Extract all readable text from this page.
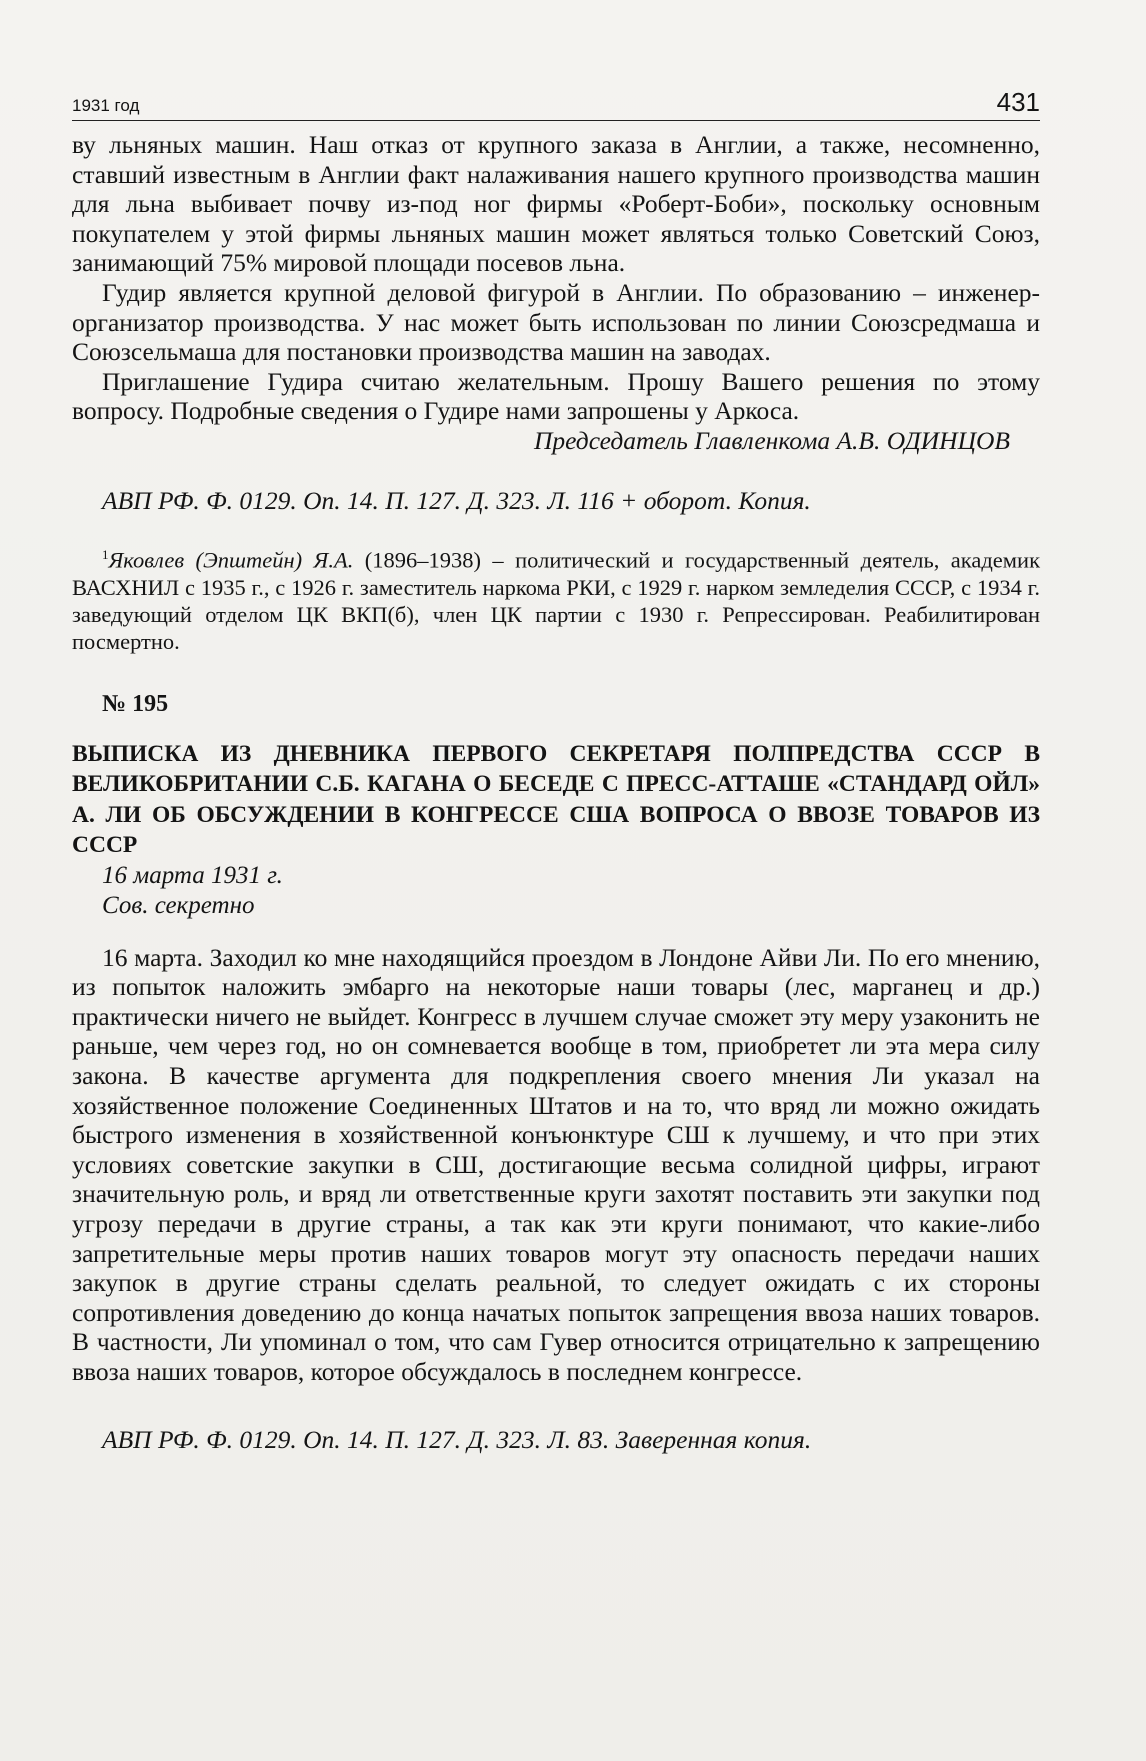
1931 год	431

ву льняных машин. Наш отказ от крупного заказа в Англии, а также, несомненно, ставший известным в Англии факт налаживания нашего крупного производства машин для льна выбивает почву из-под ног фирмы «Роберт-Боби», поскольку основным покупателем у этой фирмы льняных машин может являться только Советский Союз, занимающий 75% мировой площади посевов льна.

Гудир является крупной деловой фигурой в Англии. По образованию – инженер-организатор производства. У нас может быть использован по линии Союзсредмаша и Союзсельмаша для постановки производства машин на заводах.

Приглашение Гудира считаю желательным. Прошу Вашего решения по этому вопросу. Подробные сведения о Гудире нами запрошены у Аркоса.

Председатель Главленкома А.В. ОДИНЦОВ

АВП РФ. Ф. 0129. Оп. 14. П. 127. Д. 323. Л. 116 + оборот. Копия.

$^1$Яковлев (Эпштейн) Я.А. (1896–1938) – политический и государственный деятель, академик ВАСХНИЛ с 1935 г., с 1926 г. заместитель наркома РКИ, с 1929 г. нарком земледелия СССР, с 1934 г. заведующий отделом ЦК ВКП(б), член ЦК партии с 1930 г. Репрессирован. Реабилитирован посмертно.

№ 195

ВЫПИСКА ИЗ ДНЕВНИКА ПЕРВОГО СЕКРЕТАРЯ ПОЛПРЕДСТВА СССР В ВЕЛИКОБРИТАНИИ С.Б. КАГАНА О БЕСЕДЕ С ПРЕСС-АТТАШЕ «СТАНДАРД ОЙЛ» А. ЛИ ОБ ОБСУЖДЕНИИ В КОНГРЕССЕ США ВОПРОСА О ВВОЗЕ ТОВАРОВ ИЗ СССР

16 марта 1931 г.

Сов. секретно

16 марта. Заходил ко мне находящийся проездом в Лондоне Айви Ли. По его мнению, из попыток наложить эмбарго на некоторые наши товары (лес, марганец и др.) практически ничего не выйдет. Конгресс в лучшем случае сможет эту меру узаконить не раньше, чем через год, но он сомневается вообще в том, приобретет ли эта мера силу закона. В качестве аргумента для подкрепления своего мнения Ли указал на хозяйственное положение Соединенных Штатов и на то, что вряд ли можно ожидать быстрого изменения в хозяйственной конъюнктуре СШ к лучшему, и что при этих условиях советские закупки в СШ, достигающие весьма солидной цифры, играют значительную роль, и вряд ли ответственные круги захотят поставить эти закупки под угрозу передачи в другие страны, а так как эти круги понимают, что какие-либо запретительные меры против наших товаров могут эту опасность передачи наших закупок в другие страны сделать реальной, то следует ожидать с их стороны сопротивления доведению до конца начатых попыток запрещения ввоза наших товаров. В частности, Ли упоминал о том, что сам Гувер относится отрицательно к запрещению ввоза наших товаров, которое обсуждалось в последнем конгрессе.

АВП РФ. Ф. 0129. Оп. 14. П. 127. Д. 323. Л. 83. Заверенная копия.
